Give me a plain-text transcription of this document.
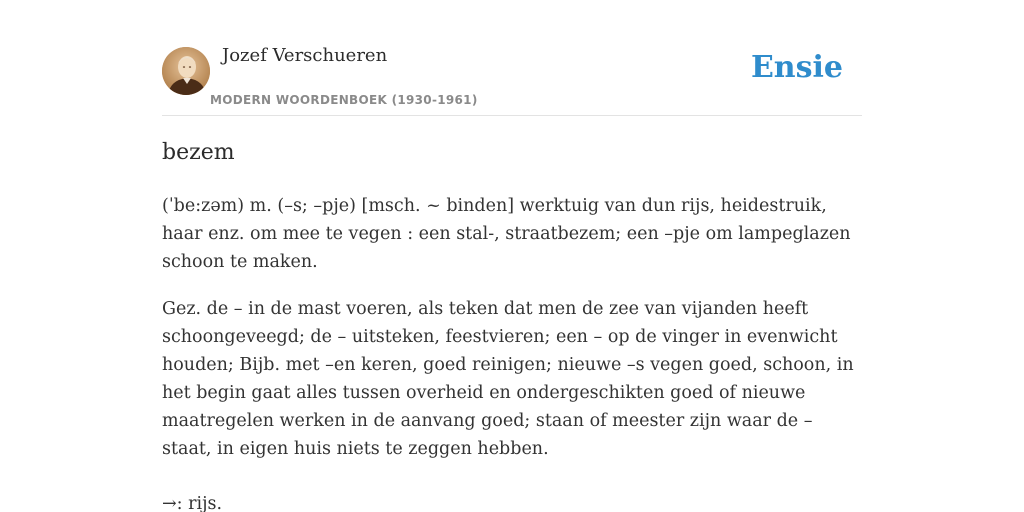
Jozef Verschueren
MODERN WOORDENBOEK (1930-1961)
Ensie
bezem

(ˈbe:zəm) m. (–s; –pje) [msch. ~ binden] werktuig van dun rijs, heidestruik, haar enz. om mee te vegen : een stal-, straatbezem; een –pje om lampeglazen schoon te maken.

Gez. de – in de mast voeren, als teken dat men de zee van vijanden heeft schoongeveegd; de – uitsteken, feestvieren; een – op de vinger in evenwicht houden; Bijb. met –en keren, goed reinigen; nieuwe –s vegen goed, schoon, in het begin gaat alles tussen overheid en ondergeschikten goed of nieuwe maatregelen werken in de aanvang goed; staan of meester zijn waar de – staat, in eigen huis niets te zeggen hebben.

→: rijs.
